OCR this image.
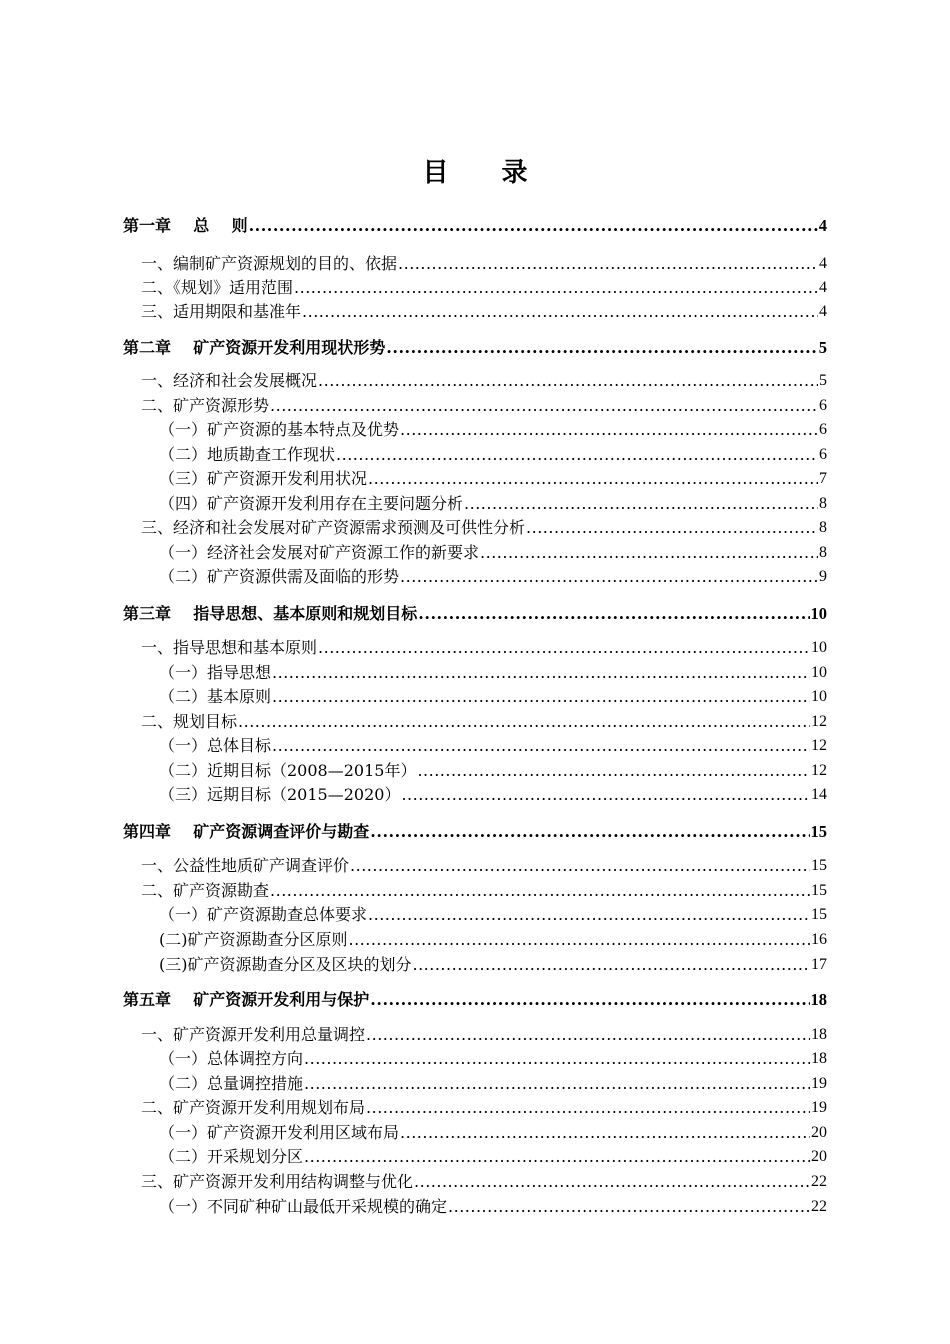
目 录
第一章    总    则 .....	4
一、编制矿产资源规划的目的、依据 .....	4
二、《规划》适用范围 .....	4
三、适用期限和基准年 .....	4
第二章    矿产资源开发利用现状形势 .....	5
一、经济和社会发展概况 .....	5
二、矿产资源形势 .....	6
（一）矿产资源的基本特点及优势 .....	6
（二）地质勘查工作现状 .....	6
（三）矿产资源开发利用状况 .....	7
（四）矿产资源开发利用存在主要问题分析 .....	8
三、经济和社会发展对矿产资源需求预测及可供性分析 .....	8
（一）经济社会发展对矿产资源工作的新要求 .....	8
（二）矿产资源供需及面临的形势 .....	9
第三章    指导思想、基本原则和规划目标 .....	10
一、指导思想和基本原则 .....	10
（一）指导思想 .....	10
（二）基本原则 .....	10
二、规划目标 .....	12
（一）总体目标 .....	12
（二）近期目标（2008—2015年） .....	12
（三）远期目标（2015—2020） .....	14
第四章    矿产资源调查评价与勘查 .....	15
一、公益性地质矿产调查评价 .....	15
二、矿产资源勘查 .....	15
（一）矿产资源勘查总体要求 .....	15
(二)矿产资源勘查分区原则 .....	16
(三)矿产资源勘查分区及区块的划分 .....	17
第五章    矿产资源开发利用与保护 .....	18
一、矿产资源开发利用总量调控 .....	18
（一）总体调控方向 .....	18
（二）总量调控措施 .....	19
二、矿产资源开发利用规划布局 .....	19
（一）矿产资源开发利用区域布局 .....	20
（二）开采规划分区 .....	20
三、矿产资源开发利用结构调整与优化 .....	22
（一）不同矿种矿山最低开采规模的确定 .....	22
